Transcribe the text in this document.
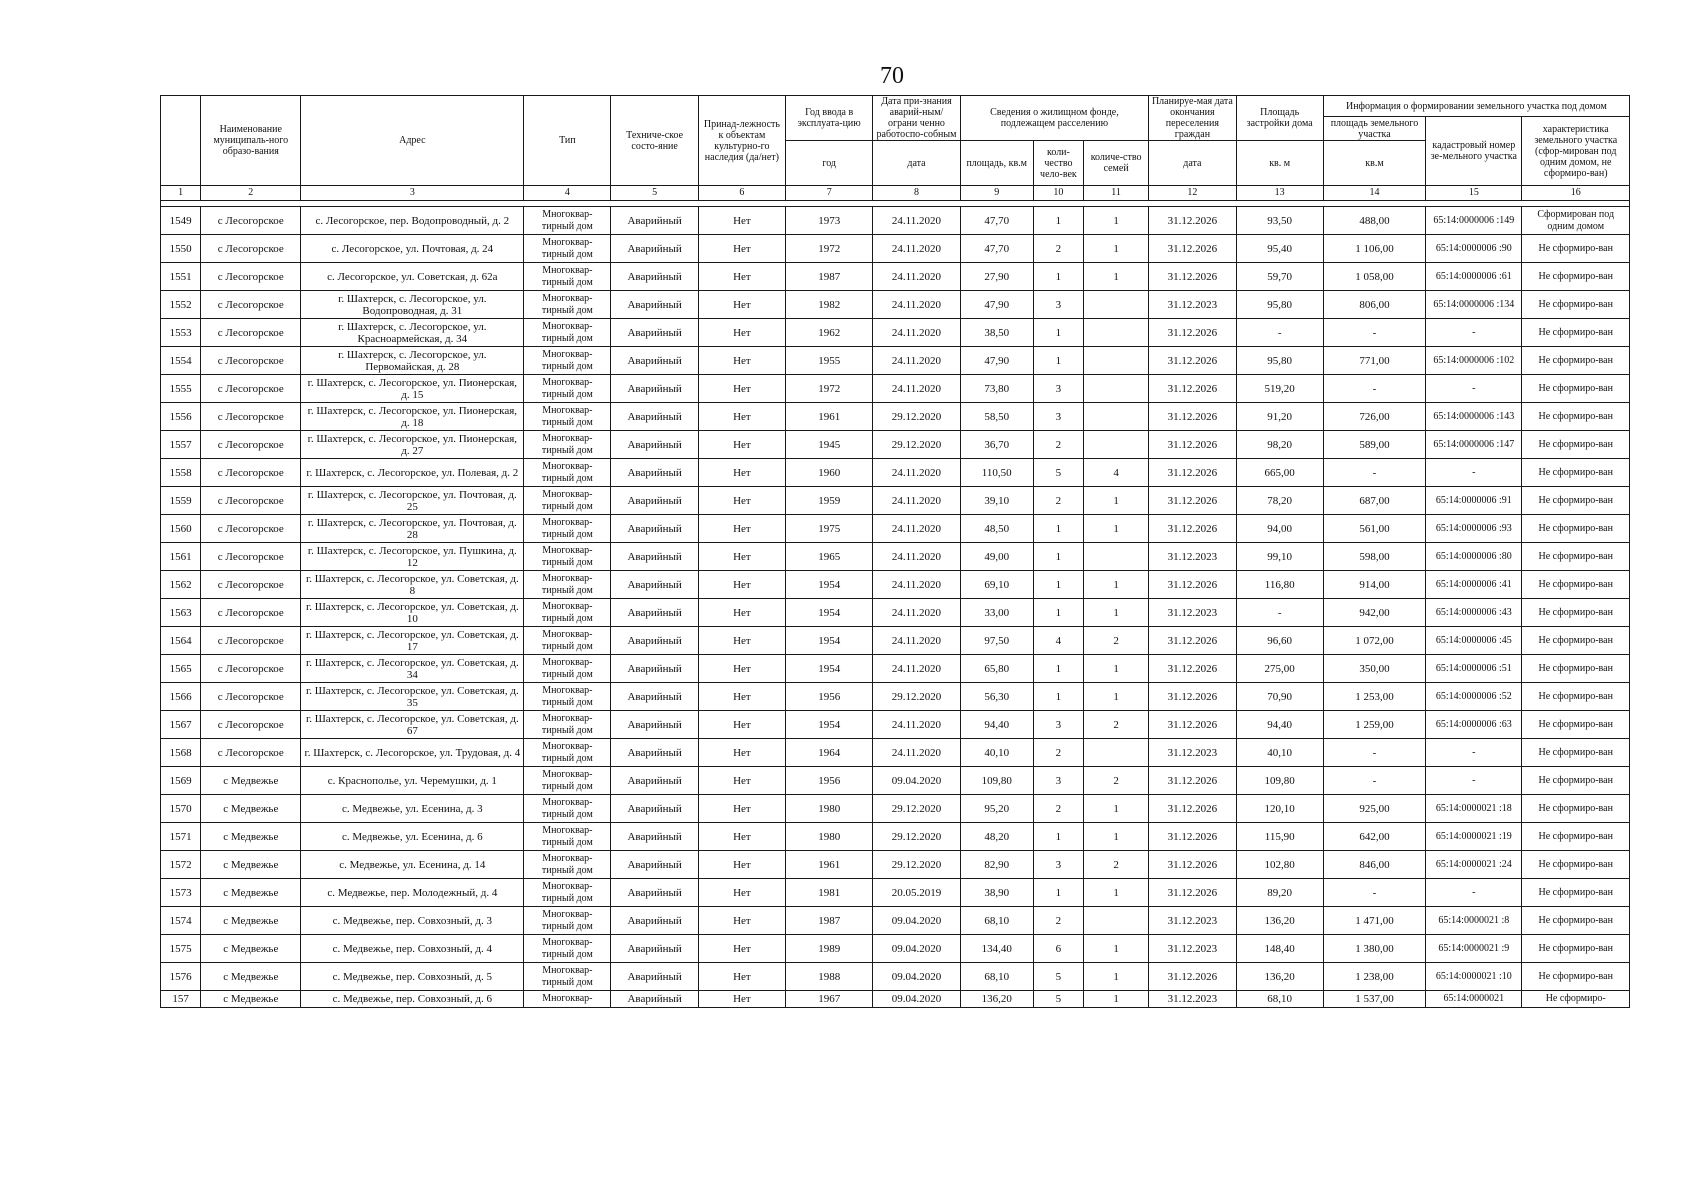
70
	Наименование муниципаль-ного образо-вания	Адрес	Тип	Техниче-ское состо-яние	Принад-лежность к объектам культурно-го наследия (да/нет)	Год ввода в эксплуата-цию	Дата при-знания аварий-ным/ограни ченно работоспо-собным	Сведения о жилищном фонде, подлежащем расселению			Планируе-мая дата окончания переселения граждан	Площадь застройки дома	Информация о формировании земельного участка под домом		
													площадь земельного участка	кадастровый номер зе-мельного участка	характеристика земельного участка (сфор-мирован под одним домом, не сформиро-ван)

						год	дата	площадь, кв.м	коли-чество чело-век	количе-ство семей	дата	кв. м	кв.м		
1	2	3	4	5	6	7	8	9	10	11	12	13	14	15	16

1549	с Лесогорское	с. Лесогорское, пер. Водопроводный, д. 2	Многоквар-тирный дом	Аварийный	Нет	1973	24.11.2020	47,70	1	1	31.12.2026	93,50	488,00	65:14:0000006 :149	Сформирован под одним домом
1550	с Лесогорское	с. Лесогорское, ул. Почтовая, д. 24	Многоквар-тирный дом	Аварийный	Нет	1972	24.11.2020	47,70	2	1	31.12.2026	95,40	1 106,00	65:14:0000006 :90	Не сформиро-ван
1551	с Лесогорское	с. Лесогорское, ул. Советская, д. 62а	Многоквар-тирный дом	Аварийный	Нет	1987	24.11.2020	27,90	1	1	31.12.2026	59,70	1 058,00	65:14:0000006 :61	Не сформиро-ван
1552	с Лесогорское	г. Шахтерск, с. Лесогорское, ул. Водопроводная, д. 31	Многоквар-тирный дом	Аварийный	Нет	1982	24.11.2020	47,90	3		31.12.2023	95,80	806,00	65:14:0000006 :134	Не сформиро-ван
1553	с Лесогорское	г. Шахтерск, с. Лесогорское, ул. Красноармейская, д. 34	Многоквар-тирный дом	Аварийный	Нет	1962	24.11.2020	38,50	1		31.12.2026	-	-	-	Не сформиро-ван
1554	с Лесогорское	г. Шахтерск, с. Лесогорское, ул. Первомайская, д. 28	Многоквар-тирный дом	Аварийный	Нет	1955	24.11.2020	47,90	1		31.12.2026	95,80	771,00	65:14:0000006 :102	Не сформиро-ван
1555	с Лесогорское	г. Шахтерск, с. Лесогорское, ул. Пионерская, д. 15	Многоквар-тирный дом	Аварийный	Нет	1972	24.11.2020	73,80	3		31.12.2026	519,20	-	-	Не сформиро-ван
1556	с Лесогорское	г. Шахтерск, с. Лесогорское, ул. Пионерская, д. 18	Многоквар-тирный дом	Аварийный	Нет	1961	29.12.2020	58,50	3		31.12.2026	91,20	726,00	65:14:0000006 :143	Не сформиро-ван
1557	с Лесогорское	г. Шахтерск, с. Лесогорское, ул. Пионерская, д. 27	Многоквар-тирный дом	Аварийный	Нет	1945	29.12.2020	36,70	2		31.12.2026	98,20	589,00	65:14:0000006 :147	Не сформиро-ван
1558	с Лесогорское	г. Шахтерск, с. Лесогорское, ул. Полевая, д. 2	Многоквар-тирный дом	Аварийный	Нет	1960	24.11.2020	110,50	5	4	31.12.2026	665,00	-	-	Не сформиро-ван
1559	с Лесогорское	г. Шахтерск, с. Лесогорское, ул. Почтовая, д. 25	Многоквар-тирный дом	Аварийный	Нет	1959	24.11.2020	39,10	2	1	31.12.2026	78,20	687,00	65:14:0000006 :91	Не сформиро-ван
1560	с Лесогорское	г. Шахтерск, с. Лесогорское, ул. Почтовая, д. 28	Многоквар-тирный дом	Аварийный	Нет	1975	24.11.2020	48,50	1	1	31.12.2026	94,00	561,00	65:14:0000006 :93	Не сформиро-ван
1561	с Лесогорское	г. Шахтерск, с. Лесогорское, ул. Пушкина, д. 12	Многоквар-тирный дом	Аварийный	Нет	1965	24.11.2020	49,00	1		31.12.2023	99,10	598,00	65:14:0000006 :80	Не сформиро-ван
1562	с Лесогорское	г. Шахтерск, с. Лесогорское, ул. Советская, д. 8	Многоквар-тирный дом	Аварийный	Нет	1954	24.11.2020	69,10	1	1	31.12.2026	116,80	914,00	65:14:0000006 :41	Не сформиро-ван
1563	с Лесогорское	г. Шахтерск, с. Лесогорское, ул. Советская, д. 10	Многоквар-тирный дом	Аварийный	Нет	1954	24.11.2020	33,00	1	1	31.12.2023	-	942,00	65:14:0000006 :43	Не сформиро-ван
1564	с Лесогорское	г. Шахтерск, с. Лесогорское, ул. Советская, д. 17	Многоквар-тирный дом	Аварийный	Нет	1954	24.11.2020	97,50	4	2	31.12.2026	96,60	1 072,00	65:14:0000006 :45	Не сформиро-ван
1565	с Лесогорское	г. Шахтерск, с. Лесогорское, ул. Советская, д. 34	Многоквар-тирный дом	Аварийный	Нет	1954	24.11.2020	65,80	1	1	31.12.2026	275,00	350,00	65:14:0000006 :51	Не сформиро-ван
1566	с Лесогорское	г. Шахтерск, с. Лесогорское, ул. Советская, д. 35	Многоквар-тирный дом	Аварийный	Нет	1956	29.12.2020	56,30	1	1	31.12.2026	70,90	1 253,00	65:14:0000006 :52	Не сформиро-ван
1567	с Лесогорское	г. Шахтерск, с. Лесогорское, ул. Советская, д. 67	Многоквар-тирный дом	Аварийный	Нет	1954	24.11.2020	94,40	3	2	31.12.2026	94,40	1 259,00	65:14:0000006 :63	Не сформиро-ван
1568	с Лесогорское	г. Шахтерск, с. Лесогорское, ул. Трудовая, д. 4	Многоквар-тирный дом	Аварийный	Нет	1964	24.11.2020	40,10	2		31.12.2023	40,10	-	-	Не сформиро-ван
1569	с Медвежье	с. Краснополье, ул. Черемушки, д. 1	Многоквар-тирный дом	Аварийный	Нет	1956	09.04.2020	109,80	3	2	31.12.2026	109,80	-	-	Не сформиро-ван
1570	с Медвежье	с. Медвежье, ул. Есенина, д. 3	Многоквар-тирный дом	Аварийный	Нет	1980	29.12.2020	95,20	2	1	31.12.2026	120,10	925,00	65:14:0000021 :18	Не сформиро-ван
1571	с Медвежье	с. Медвежье, ул. Есенина, д. 6	Многоквар-тирный дом	Аварийный	Нет	1980	29.12.2020	48,20	1	1	31.12.2026	115,90	642,00	65:14:0000021 :19	Не сформиро-ван
1572	с Медвежье	с. Медвежье, ул. Есенина, д. 14	Многоквар-тирный дом	Аварийный	Нет	1961	29.12.2020	82,90	3	2	31.12.2026	102,80	846,00	65:14:0000021 :24	Не сформиро-ван
1573	с Медвежье	с. Медвежье, пер. Молодежный, д. 4	Многоквар-тирный дом	Аварийный	Нет	1981	20.05.2019	38,90	1	1	31.12.2026	89,20	-	-	Не сформиро-ван
1574	с Медвежье	с. Медвежье, пер. Совхозный, д. 3	Многоквар-тирный дом	Аварийный	Нет	1987	09.04.2020	68,10	2		31.12.2023	136,20	1 471,00	65:14:0000021 :8	Не сформиро-ван
1575	с Медвежье	с. Медвежье, пер. Совхозный, д. 4	Многоквар-тирный дом	Аварийный	Нет	1989	09.04.2020	134,40	6	1	31.12.2023	148,40	1 380,00	65:14:0000021 :9	Не сформиро-ван
1576	с Медвежье	с. Медвежье, пер. Совхозный, д. 5	Многоквар-тирный дом	Аварийный	Нет	1988	09.04.2020	68,10	5	1	31.12.2026	136,20	1 238,00	65:14:0000021 :10	Не сформиро-ван
157	с Медвежье	с. Медвежье, пер. Совхозный, д. 6	Многоквар-	Аварийный	Нет	1967	09.04.2020	136,20	5	1	31.12.2023	68,10	1 537,00	65:14:0000021	Не сформиро-
